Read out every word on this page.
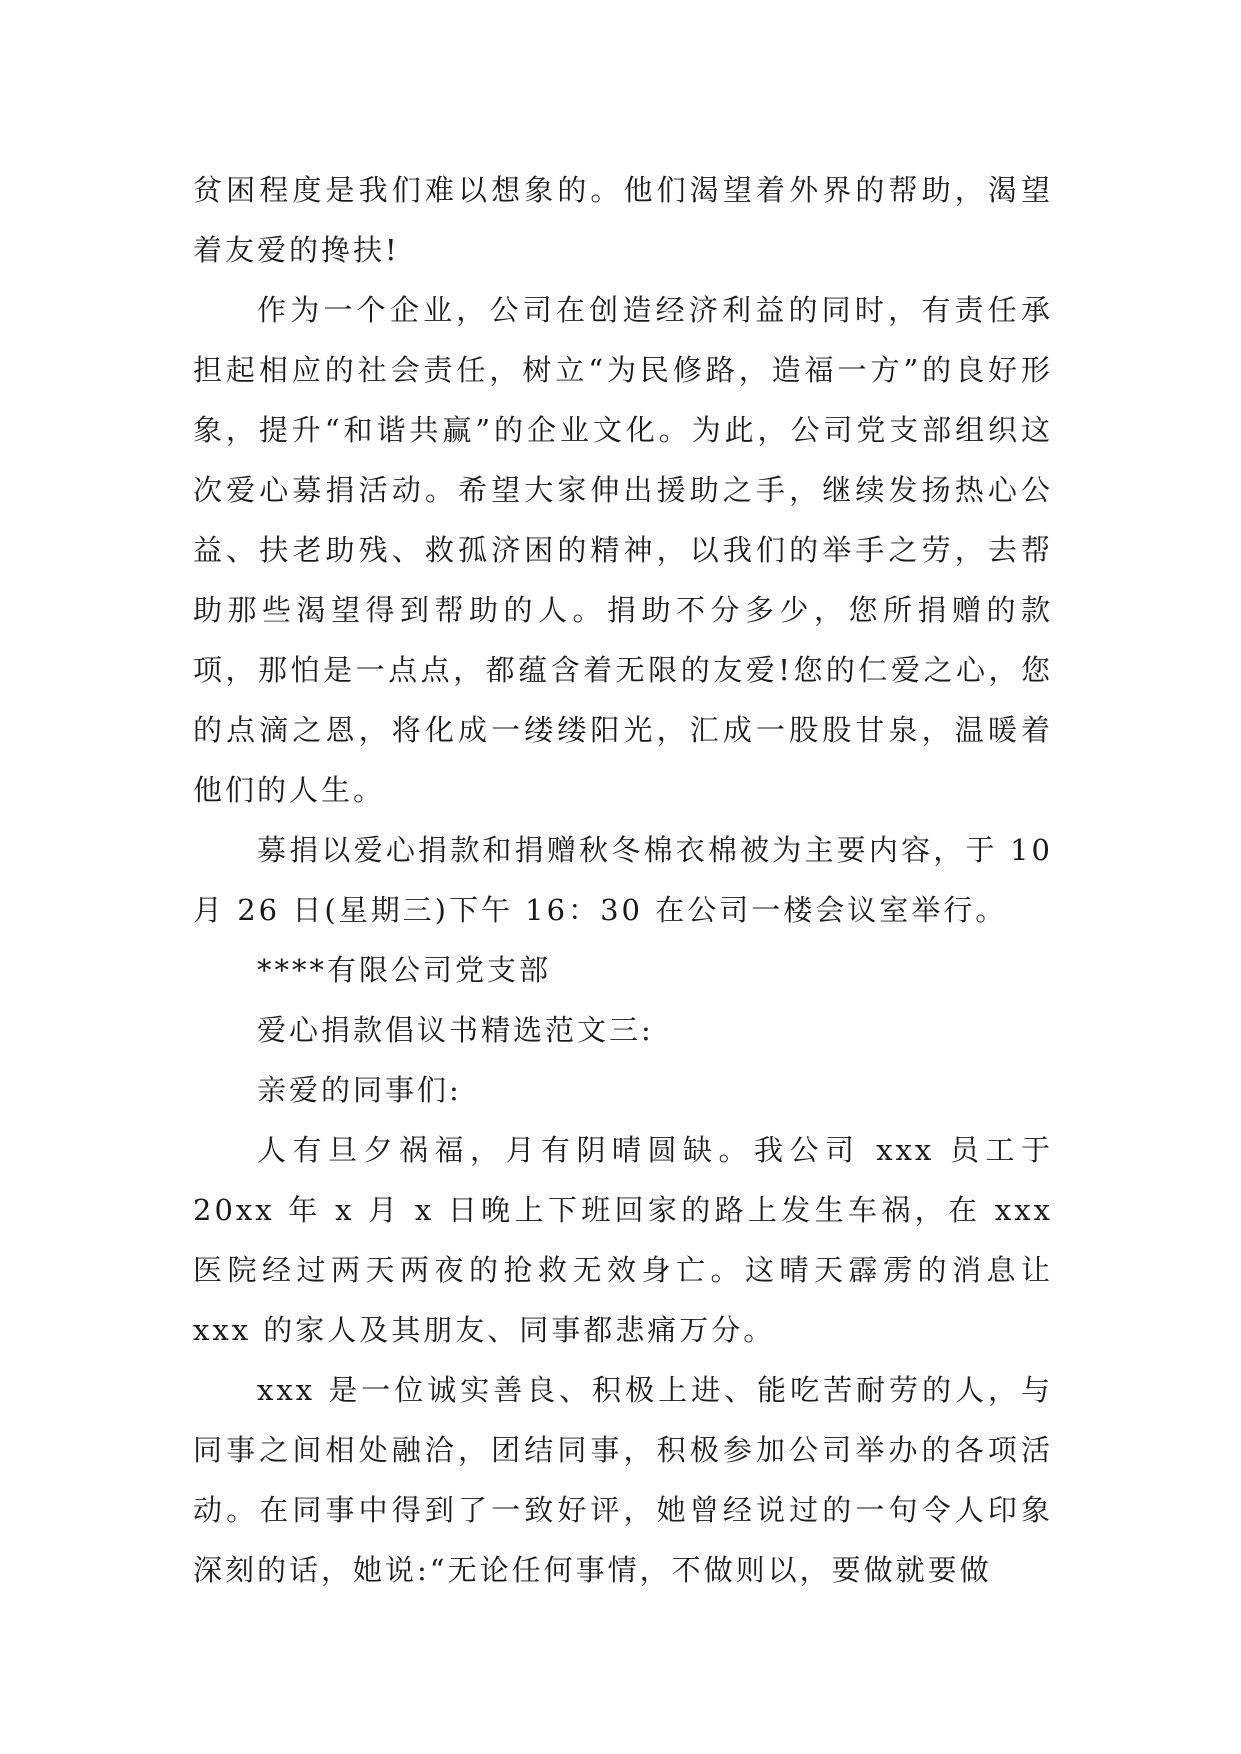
贫困程度是我们难以想象的。他们渴望着外界的帮助，渴望着友爱的搀扶!

作为一个企业，公司在创造经济利益的同时，有责任承担起相应的社会责任，树立“为民修路，造福一方”的良好形象，提升“和谐共赢”的企业文化。为此，公司党支部组织这次爱心募捐活动。希望大家伸出援助之手，继续发扬热心公益、扶老助残、救孤济困的精神，以我们的举手之劳，去帮助那些渴望得到帮助的人。捐助不分多少，您所捐赠的款项，那怕是一点点，都蕴含着无限的友爱!您的仁爱之心，您的点滴之恩，将化成一缕缕阳光，汇成一股股甘泉，温暖着他们的人生。

募捐以爱心捐款和捐赠秋冬棉衣棉被为主要内容，于 10 月 26 日(星期三)下午 16：30 在公司一楼会议室举行。

****有限公司党支部

爱心捐款倡议书精选范文三:

亲爱的同事们:

人有旦夕祸福，月有阴晴圆缺。我公司 xxx 员工于 20xx 年 x 月 x 日晚上下班回家的路上发生车祸，在 xxx 医院经过两天两夜的抢救无效身亡。这晴天霹雳的消息让 xxx 的家人及其朋友、同事都悲痛万分。

xxx 是一位诚实善良、积极上进、能吃苦耐劳的人，与同事之间相处融洽，团结同事，积极参加公司举办的各项活动。在同事中得到了一致好评，她曾经说过的一句令人印象深刻的话，她说:“无论任何事情，不做则以，要做就要做
